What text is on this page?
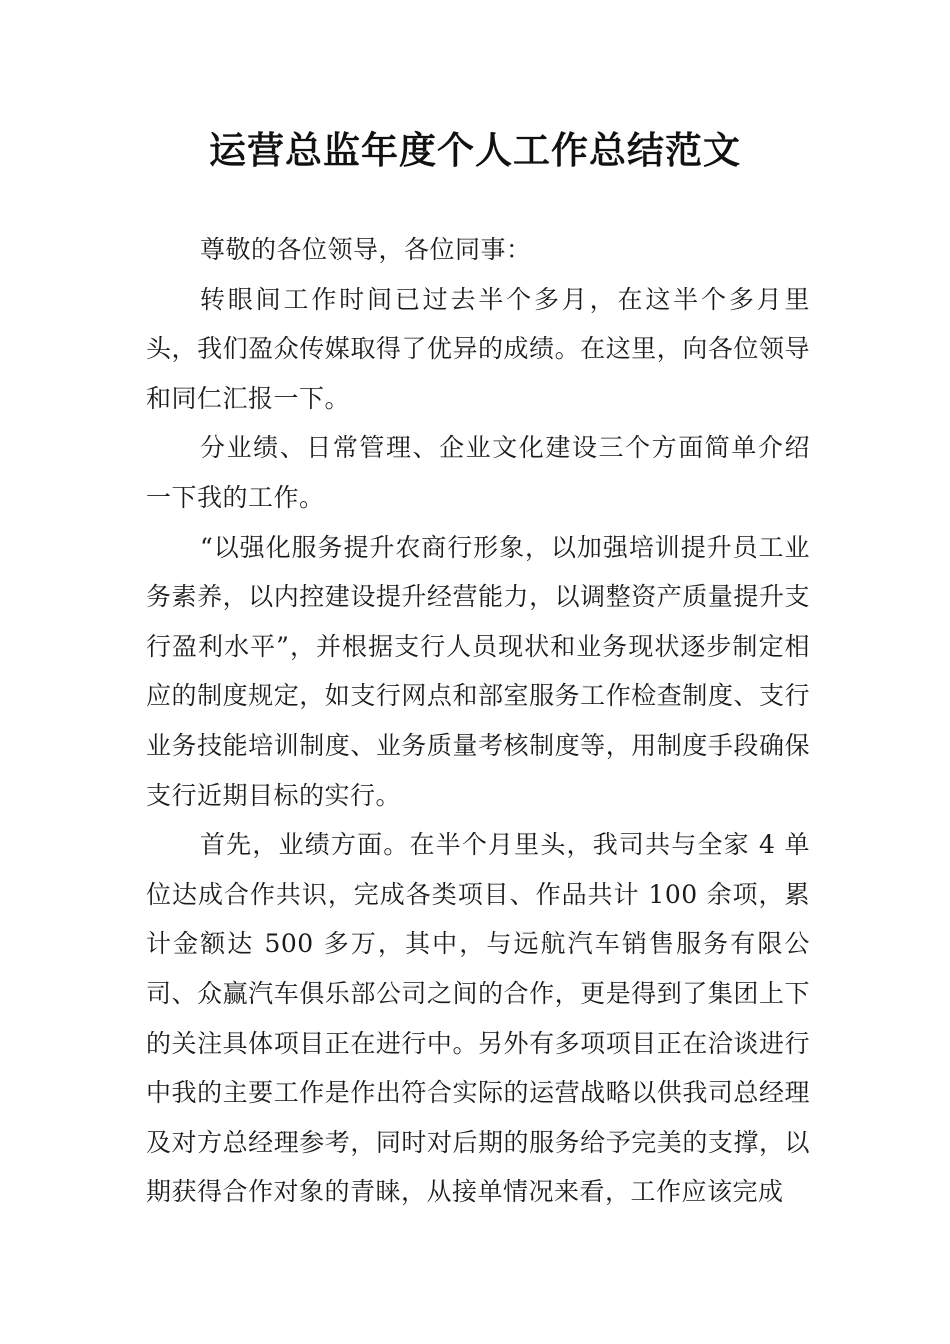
运营总监年度个人工作总结范文

尊敬的各位领导，各位同事：

转眼间工作时间已过去半个多月，在这半个多月里头，我们盈众传媒取得了优异的成绩。在这里，向各位领导和同仁汇报一下。

分业绩、日常管理、企业文化建设三个方面简单介绍一下我的工作。

“以强化服务提升农商行形象，以加强培训提升员工业务素养，以内控建设提升经营能力，以调整资产质量提升支行盈利水平”，并根据支行人员现状和业务现状逐步制定相应的制度规定，如支行网点和部室服务工作检查制度、支行业务技能培训制度、业务质量考核制度等，用制度手段确保支行近期目标的实行。

首先，业绩方面。在半个月里头，我司共与全家 4 单位达成合作共识，完成各类项目、作品共计 100 余项，累计金额达 500 多万，其中，与远航汽车销售服务有限公司、众赢汽车俱乐部公司之间的合作，更是得到了集团上下的关注具体项目正在进行中。另外有多项项目正在洽谈进行中我的主要工作是作出符合实际的运营战略以供我司总经理及对方总经理参考，同时对后期的服务给予完美的支撑，以期获得合作对象的青睐，从接单情况来看，工作应该完成
